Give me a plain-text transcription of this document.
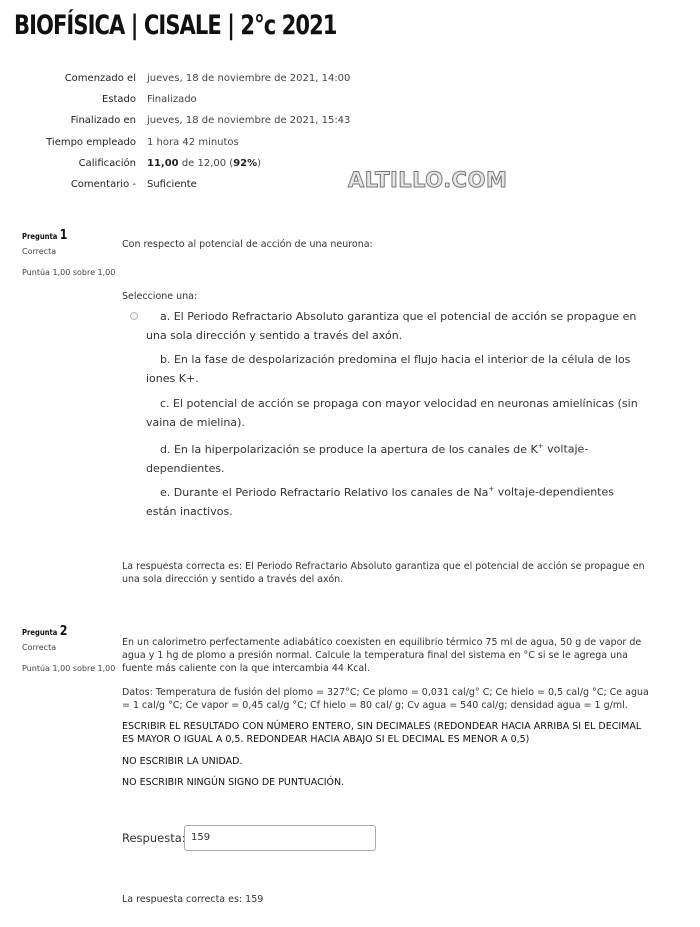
BIOFÍSICA | CISALE | 2°c 2021
Comenzado el jueves, 18 de noviembre de 2021, 14:00
Estado Finalizado
Finalizado en jueves, 18 de noviembre de 2021, 15:43
Tiempo empleado 1 hora 42 minutos
Calificación 11,00 de 12,00 (92%)
Comentario - Suficiente	ALTILLO.COM
Pregunta 1
Correcta
Puntúa 1,00 sobre 1,00
Con respecto al potencial de acción de una neurona:
Seleccione una:
a. El Periodo Refractario Absoluto garantiza que el potencial de acción se propague en una sola dirección y sentido a través del axón.
b. En la fase de despolarización predomina el flujo hacia el interior de la célula de los iones K+.
c. El potencial de acción se propaga con mayor velocidad en neuronas amielínicas (sin vaina de mielina).
d. En la hiperpolarización se produce la apertura de los canales de K+ voltaje-dependientes.
e. Durante el Periodo Refractario Relativo los canales de Na+ voltaje-dependientes están inactivos.
La respuesta correcta es: El Periodo Refractario Absoluto garantiza que el potencial de acción se propague en una sola dirección y sentido a través del axón.
Pregunta 2
Correcta
Puntúa 1,00 sobre 1,00
En un calorimetro perfectamente adiabático coexisten en equilibrio térmico 75 ml de agua, 50 g de vapor de agua y 1 hg de plomo a presión normal. Calcule la temperatura final del sistema en °C si se le agrega una fuente más caliente con la que intercambia 44 Kcal.
Datos: Temperatura de fusión del plomo = 327°C; Ce plomo = 0,031 cal/g° C; Ce hielo = 0,5 cal/g °C; Ce agua = 1 cal/g °C; Ce vapor = 0,45 cal/g °C; Cf hielo = 80 cal/ g; Cv agua = 540 cal/g; densidad agua = 1 g/ml.
ESCRIBIR EL RESULTADO CON NÚMERO ENTERO, SIN DECIMALES (REDONDEAR HACIA ARRIBA SI EL DECIMAL ES MAYOR O IGUAL A 0,5. REDONDEAR HACIA ABAJO SI EL DECIMAL ES MENOR A 0,5)
NO ESCRIBIR LA UNIDAD.
NO ESCRIBIR NINGÚN SIGNO DE PUNTUACIÓN.
Respuesta: 159
La respuesta correcta es: 159
